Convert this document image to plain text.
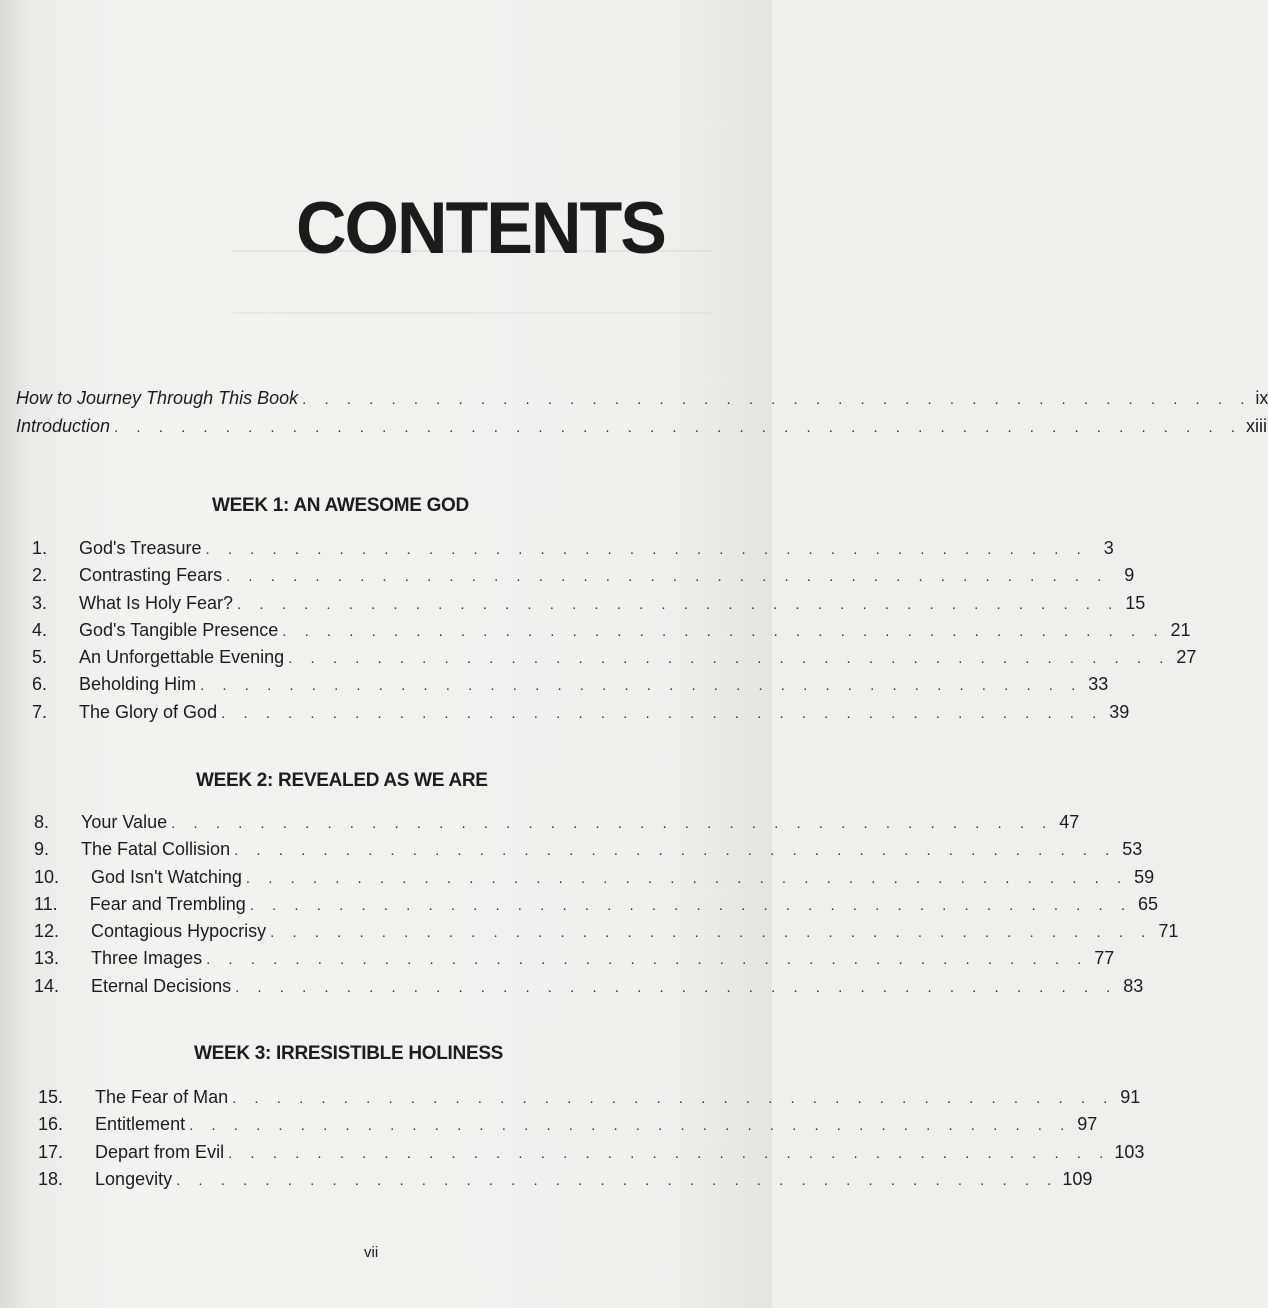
CONTENTS
How to Journey Through This Book . . . . . . . . . . . . . . . . . . . . . . . . . . . . . . . . . . . . . . . . . . . ix
Introduction . . . . . . . . . . . . . . . . . . . . . . . . . . . . . . . . . . . . . . . . . . . . . . . . . . . xiii
WEEK 1: AN AWESOME GOD
1.	God's Treasure . . . . . . . . . . . . . . . . . . . . . . . . . . . . . . . . . . . . . . . . 3
2.	Contrasting Fears . . . . . . . . . . . . . . . . . . . . . . . . . . . . . . . . . . . . . . . . 9
3.	What Is Holy Fear? . . . . . . . . . . . . . . . . . . . . . . . . . . . . . . . . . . . . . . . . 15
4.	God's Tangible Presence . . . . . . . . . . . . . . . . . . . . . . . . . . . . . . . . . . . . . . . . 21
5.	An Unforgettable Evening . . . . . . . . . . . . . . . . . . . . . . . . . . . . . . . . . . . . . . . . 27
6.	Beholding Him . . . . . . . . . . . . . . . . . . . . . . . . . . . . . . . . . . . . . . . . 33
7.	The Glory of God . . . . . . . . . . . . . . . . . . . . . . . . . . . . . . . . . . . . . . . . 39
WEEK 2: REVEALED AS WE ARE
8.	Your Value . . . . . . . . . . . . . . . . . . . . . . . . . . . . . . . . . . . . . . . . 47
9.	The Fatal Collision . . . . . . . . . . . . . . . . . . . . . . . . . . . . . . . . . . . . . . . . 53
10.	God Isn't Watching . . . . . . . . . . . . . . . . . . . . . . . . . . . . . . . . . . . . . . . . 59
11.	Fear and Trembling . . . . . . . . . . . . . . . . . . . . . . . . . . . . . . . . . . . . . . . . 65
12.	Contagious Hypocrisy . . . . . . . . . . . . . . . . . . . . . . . . . . . . . . . . . . . . . . . . 71
13.	Three Images . . . . . . . . . . . . . . . . . . . . . . . . . . . . . . . . . . . . . . . . 77
14.	Eternal Decisions . . . . . . . . . . . . . . . . . . . . . . . . . . . . . . . . . . . . . . . . 83
WEEK 3: IRRESISTIBLE HOLINESS
15.	The Fear of Man . . . . . . . . . . . . . . . . . . . . . . . . . . . . . . . . . . . . . . . . 91
16.	Entitlement . . . . . . . . . . . . . . . . . . . . . . . . . . . . . . . . . . . . . . . . 97
17.	Depart from Evil . . . . . . . . . . . . . . . . . . . . . . . . . . . . . . . . . . . . . . . . 103
18.	Longevity . . . . . . . . . . . . . . . . . . . . . . . . . . . . . . . . . . . . . . . . 109
vii
